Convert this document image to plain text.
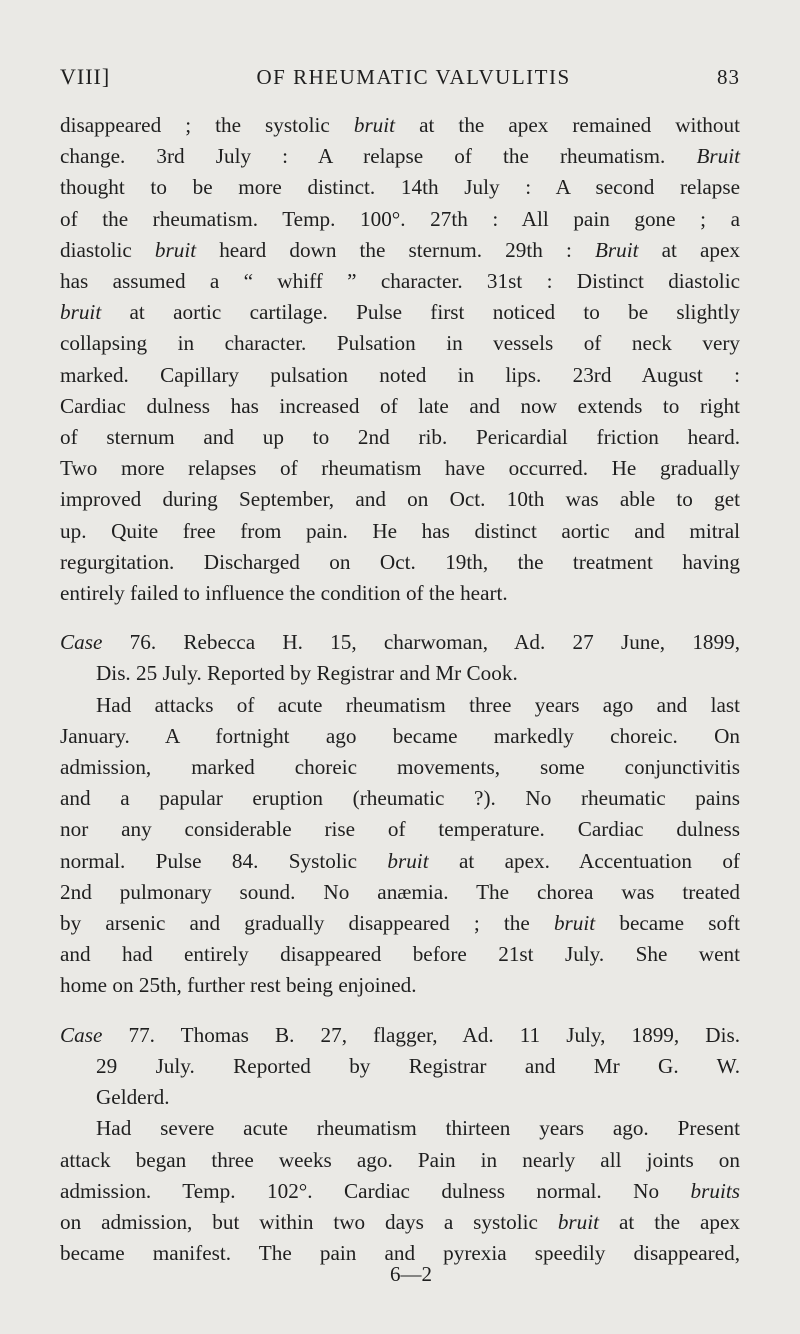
VIII]	OF RHEUMATIC VALVULITIS	83

disappeared ; the systolic bruit at the apex remained without
change. 3rd July : A relapse of the rheumatism. Bruit
thought to be more distinct. 14th July : A second relapse
of the rheumatism. Temp. 100°. 27th : All pain gone ; a
diastolic bruit heard down the sternum. 29th : Bruit at apex
has assumed a “ whiff ” character. 31st : Distinct diastolic
bruit at aortic cartilage. Pulse first noticed to be slightly
collapsing in character. Pulsation in vessels of neck very
marked. Capillary pulsation noted in lips. 23rd August :
Cardiac dulness has increased of late and now extends to right
of sternum and up to 2nd rib. Pericardial friction heard.
Two more relapses of rheumatism have occurred. He gradually
improved during September, and on Oct. 10th was able to get
up. Quite free from pain. He has distinct aortic and mitral
regurgitation. Discharged on Oct. 19th, the treatment having
entirely failed to influence the condition of the heart.

Case 76. Rebecca H. 15, charwoman, Ad. 27 June, 1899,
Dis. 25 July. Reported by Registrar and Mr Cook.

Had attacks of acute rheumatism three years ago and last
January. A fortnight ago became markedly choreic. On
admission, marked choreic movements, some conjunctivitis
and a papular eruption (rheumatic ?). No rheumatic pains
nor any considerable rise of temperature. Cardiac dulness
normal. Pulse 84. Systolic bruit at apex. Accentuation of
2nd pulmonary sound. No anæmia. The chorea was treated
by arsenic and gradually disappeared ; the bruit became soft
and had entirely disappeared before 21st July. She went
home on 25th, further rest being enjoined.

Case 77. Thomas B. 27, flagger, Ad. 11 July, 1899, Dis.
29 July. Reported by Registrar and Mr G. W.
Gelderd.

Had severe acute rheumatism thirteen years ago. Present
attack began three weeks ago. Pain in nearly all joints on
admission. Temp. 102°. Cardiac dulness normal. No bruits
on admission, but within two days a systolic bruit at the apex
became manifest. The pain and pyrexia speedily disappeared,

6—2
